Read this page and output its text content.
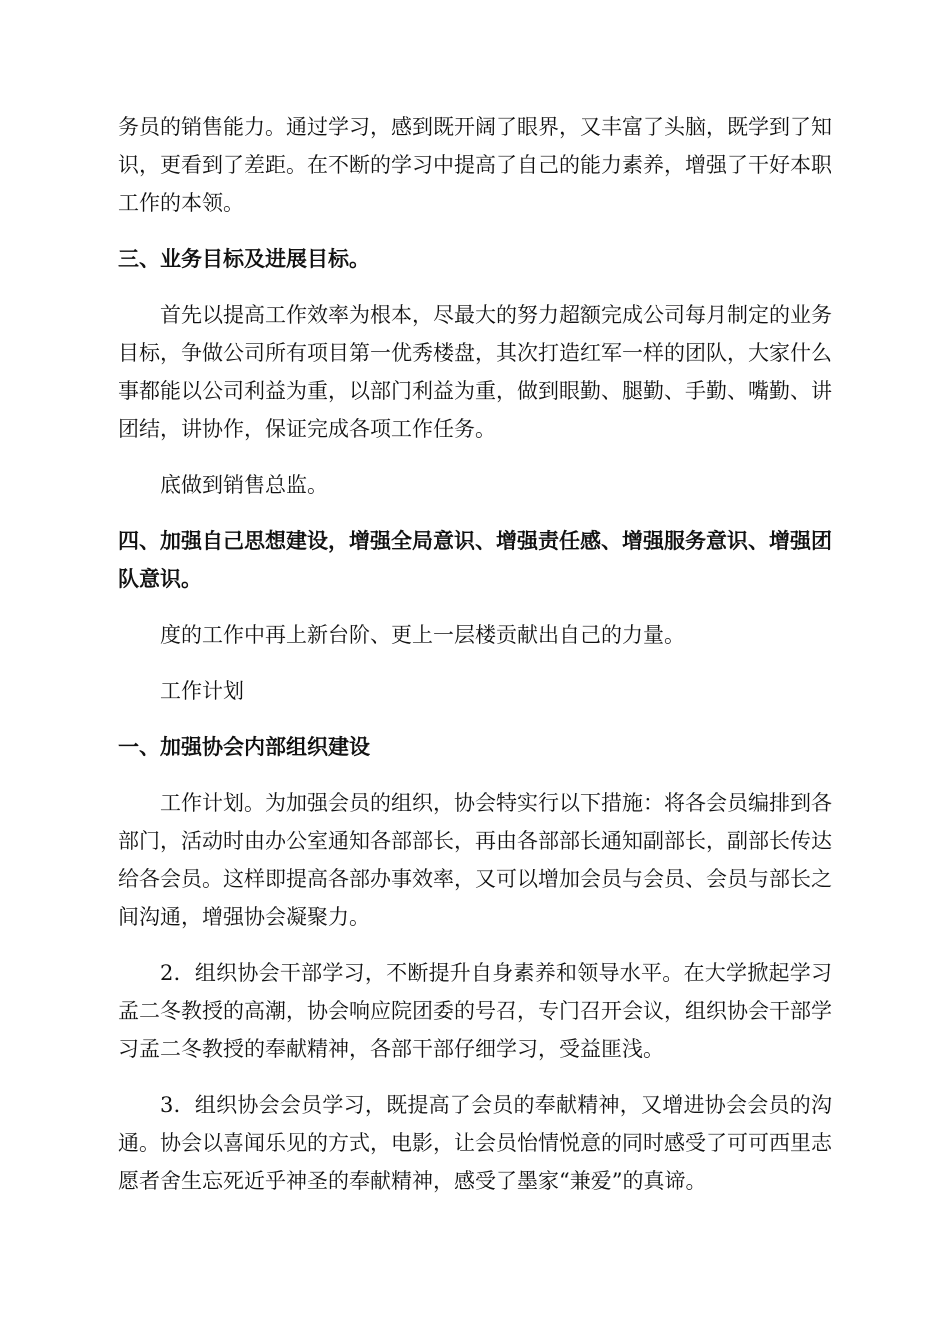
务员的销售能力。通过学习，感到既开阔了眼界，又丰富了头脑，既学到了知识，更看到了差距。在不断的学习中提高了自己的能力素养，增强了干好本职工作的本领。

三、业务目标及进展目标。

首先以提高工作效率为根本，尽最大的努力超额完成公司每月制定的业务目标，争做公司所有项目第一优秀楼盘，其次打造红军一样的团队，大家什么事都能以公司利益为重，以部门利益为重，做到眼勤、腿勤、手勤、嘴勤、讲团结，讲协作，保证完成各项工作任务。

底做到销售总监。

四、加强自己思想建设，增强全局意识、增强责任感、增强服务意识、增强团队意识。

度的工作中再上新台阶、更上一层楼贡献出自己的力量。

工作计划

一、加强协会内部组织建设

工作计划。为加强会员的组织，协会特实行以下措施：将各会员编排到各部门，活动时由办公室通知各部部长，再由各部部长通知副部长，副部长传达给各会员。这样即提高各部办事效率，又可以增加会员与会员、会员与部长之间沟通，增强协会凝聚力。

2．组织协会干部学习，不断提升自身素养和领导水平。在大学掀起学习孟二冬教授的高潮，协会响应院团委的号召，专门召开会议，组织协会干部学习孟二冬教授的奉献精神，各部干部仔细学习，受益匪浅。

3．组织协会会员学习，既提高了会员的奉献精神，又增进协会会员的沟通。协会以喜闻乐见的方式，电影，让会员怡情悦意的同时感受了可可西里志愿者舍生忘死近乎神圣的奉献精神，感受了墨家“兼爱”的真谛。
